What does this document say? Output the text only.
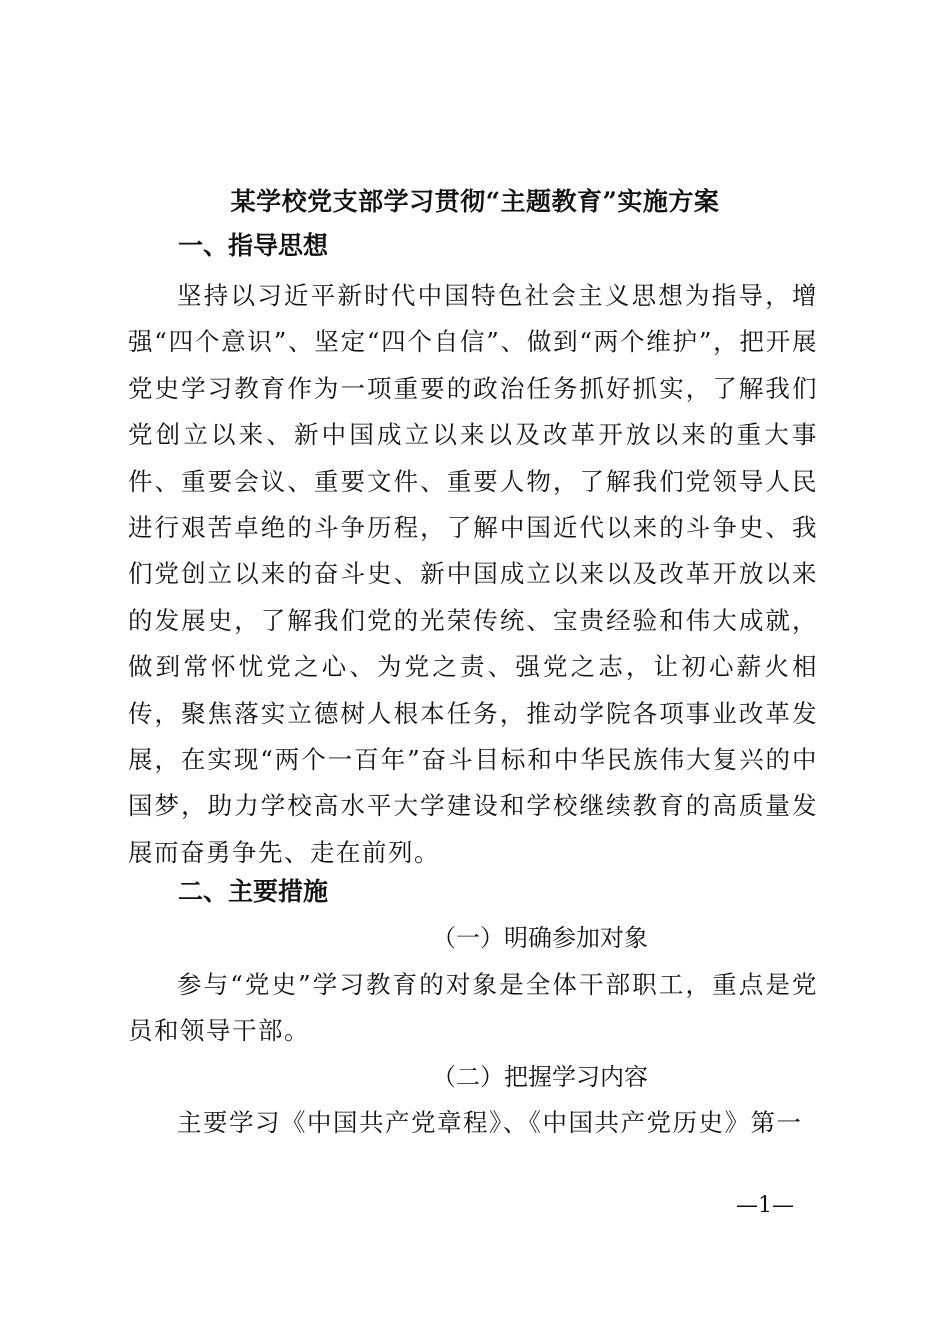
某学校党支部学习贯彻“主题教育”实施方案
一、指导思想

坚持以习近平新时代中国特色社会主义思想为指导，增强“四个意识”、坚定“四个自信”、做到“两个维护”，把开展党史学习教育作为一项重要的政治任务抓好抓实，了解我们党创立以来、新中国成立以来以及改革开放以来的重大事件、重要会议、重要文件、重要人物，了解我们党领导人民进行艰苦卓绝的斗争历程，了解中国近代以来的斗争史、我们党创立以来的奋斗史、新中国成立以来以及改革开放以来的发展史，了解我们党的光荣传统、宝贵经验和伟大成就，做到常怀忧党之心、为党之责、强党之志，让初心薪火相传，聚焦落实立德树人根本任务，推动学院各项事业改革发展，在实现“两个一百年”奋斗目标和中华民族伟大复兴的中国梦，助力学校高水平大学建设和学校继续教育的高质量发展而奋勇争先、走在前列。

二、主要措施
（一）明确参加对象

参与“党史”学习教育的对象是全体干部职工，重点是党员和领导干部。

（二）把握学习内容

主要学习《中国共产党章程》、《中国共产党历史》第一

—1—
